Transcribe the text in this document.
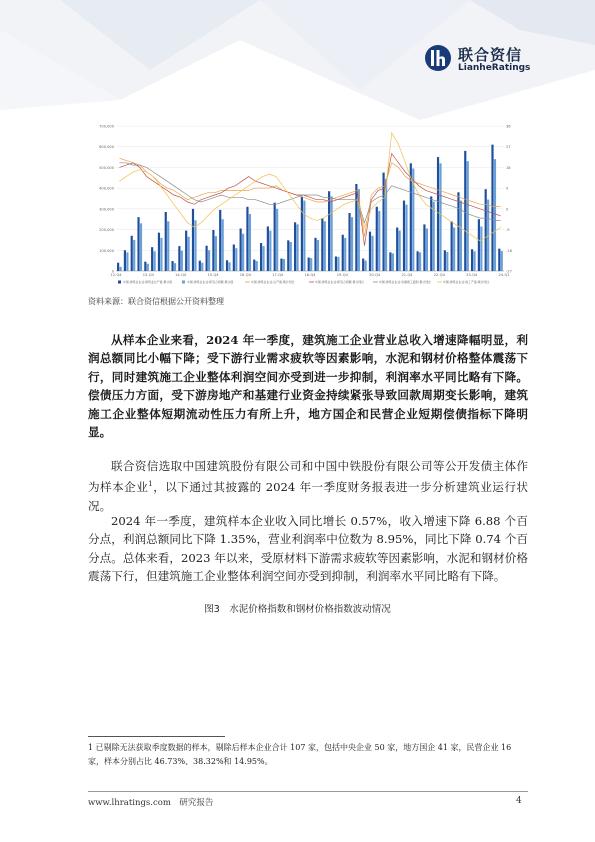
联合资信
LianheRatings
0
100,000
200,000
300,000
400,000
500,000
600,000
700,000
-27
-18
-9
0
9
18
27
36
12-Q4	13-Q4	14-Q4	15-Q4	16-Q4	17-Q4	18-Q4	19-Q4	20-Q4	21-Q4	22-Q4	23-Q4	24-Q1
中国:建筑业企业:建筑业总产值:累计值	中国:建筑业企业:新签合同额:累计值	中国:建筑业企业:总产值:累计同比	中国:建筑业企业:新签合同额:累计同比	中国:建筑业企业:房屋施工面积:累计同比	中国:建筑业企业:竣工产值:累计同比
资料来源：联合资信根据公开资料整理

从样本企业来看，2024 年一季度，建筑施工企业营业总收入增速降幅明显，利润总额同比小幅下降；受下游行业需求疲软等因素影响，水泥和钢材价格整体震荡下行，同时建筑施工企业整体利润空间亦受到进一步抑制，利润率水平同比略有下降。偿债压力方面，受下游房地产和基建行业资金持续紧张导致回款周期变长影响，建筑施工企业整体短期流动性压力有所上升，地方国企和民营企业短期偿债指标下降明显。

联合资信选取中国建筑股份有限公司和中国中铁股份有限公司等公开发债主体作为样本企业$^1$，以下通过其披露的 2024 年一季度财务报表进一步分析建筑业运行状况。

2024 年一季度，建筑样本企业收入同比增长 0.57%，收入增速下降 6.88 个百分点，利润总额同比下降 1.35%，营业利润率中位数为 8.95%，同比下降 0.74 个百分点。总体来看，2023 年以来，受原材料下游需求疲软等因素影响，水泥和钢材价格震荡下行，但建筑施工企业整体利润空间亦受到抑制，利润率水平同比略有下降。

图3　水泥价格指数和钢材价格指数波动情况

1 已剔除无法获取季度数据的样本，剔除后样本企业合计 107 家，包括中央企业 50 家，地方国企 41 家，民营企业 16 家，样本分别占比 46.73%、38.32%和 14.95%。

www.lhratings.com　 研究报告	4
